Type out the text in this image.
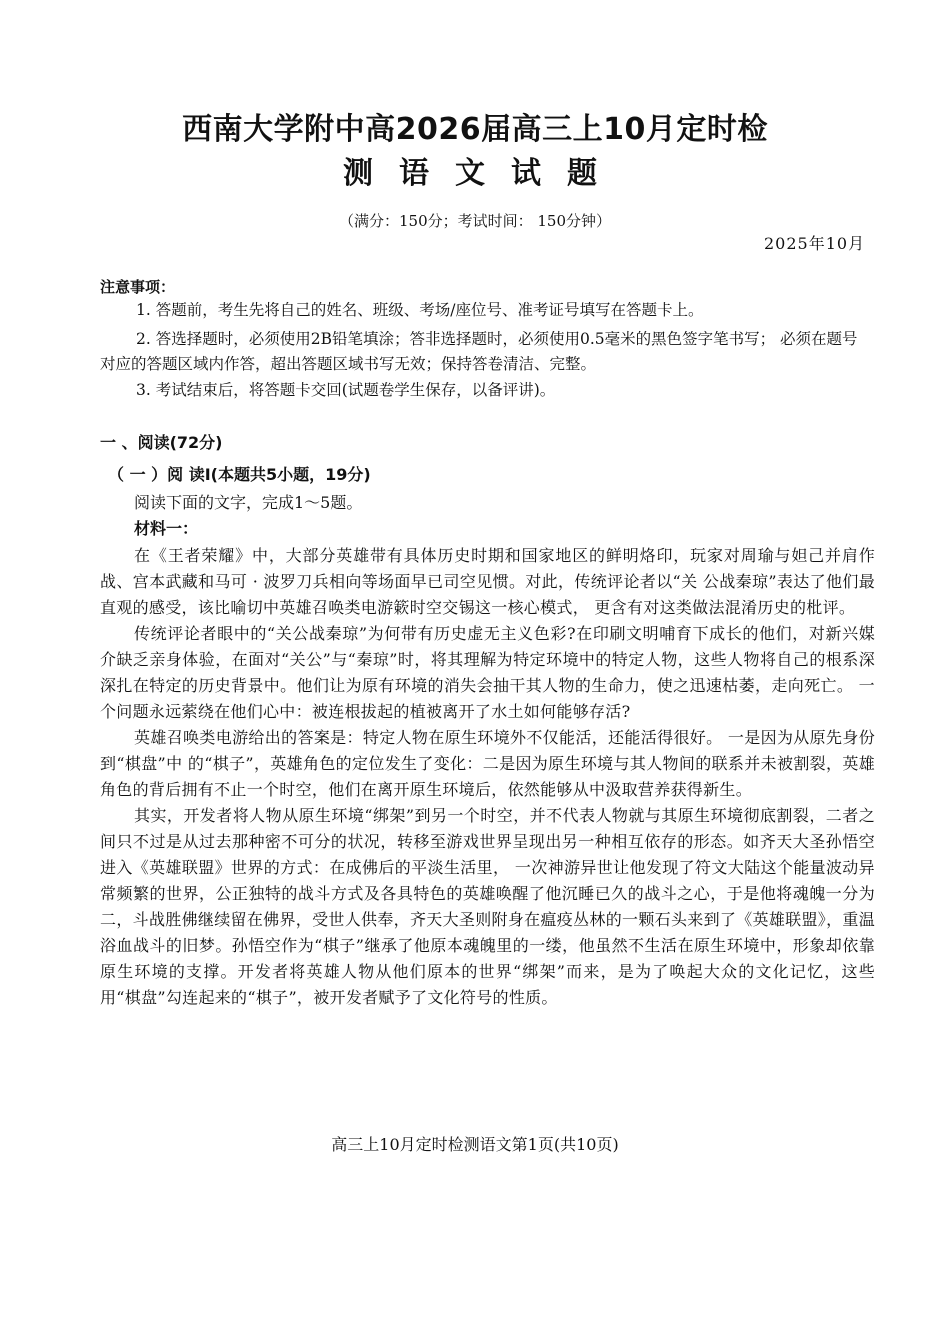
西南大学附中高2026届高三上10月定时检
测语文试题
（满分：150分；考试时间： 150分钟）
2025年10月
注意事项：
1. 答题前，考生先将自己的姓名、班级、考场/座位号、准考证号填写在答题卡上。
2. 答选择题时，必须使用2B铅笔填涂；答非选择题时，必须使用0.5毫米的黑色签字笔书写； 必须在题号对应的答题区域内作答，超出答题区域书写无效；保持答卷清洁、完整。
3. 考试结束后，将答题卡交回(试题卷学生保存，以备评讲)。
一 、阅读(72分)
（ 一 ）阅 读Ⅰ(本题共5小题，19分)
阅读下面的文字，完成1～5题。
材料一：

在《王者荣耀》中，大部分英雄带有具体历史时期和国家地区的鲜明烙印，玩家对周瑜与妲己并肩作战、宫本武藏和马可 · 波罗刀兵相向等场面早已司空见惯。对此，传统评论者以“关 公战秦琼”表达了他们最直观的感受，该比喻切中英雄召唤类电游簌时空交锡这一核心模式， 更含有对这类做法混淆历史的枇评。

传统评论者眼中的“关公战秦琼”为何带有历史虚无主义色彩?在印刷文明哺育下成长的他们，对新兴媒介缺乏亲身体验，在面对“关公”与“秦琼”时，将其理解为特定环境中的特定人物，这些人物将自己的根系深深扎在特定的历史背景中。他们让为原有环境的消失会抽干其人物的生命力，使之迅速枯萎，走向死亡。 一个问题永远萦绕在他们心中：被连根拔起的植被离开了水土如何能够存活?

英雄召唤类电游给出的答案是：特定人物在原生环境外不仅能活，还能活得很好。 一是因为从原先身份到“棋盘”中 的“棋子”，英雄角色的定位发生了变化：二是因为原生环境与其人物间的联系并未被割裂，英雄角色的背后拥有不止一个时空，他们在离开原生环境后，依然能够从中汲取营养获得新生。

其实，开发者将人物从原生环境“绑架”到另一个时空，并不代表人物就与其原生环境彻底割裂，二者之间只不过是从过去那种密不可分的状况，转移至游戏世界呈现出另一种相互依存的形态。如齐天大圣孙悟空进入《英雄联盟》世界的方式：在成佛后的平淡生活里， 一次神游异世让他发现了符文大陆这个能量波动异常频繁的世界，公正独特的战斗方式及各具特色的英雄唤醒了他沉睡已久的战斗之心，于是他将魂魄一分为二，斗战胜佛继续留在佛界，受世人供奉，齐天大圣则附身在瘟疫丛林的一颗石头来到了《英雄联盟》，重温浴血战斗的旧梦。孙悟空作为“棋子”继承了他原本魂魄里的一缕，他虽然不生活在原生环境中，形象却依靠原生环境的支撑。开发者将英雄人物从他们原本的世界“绑架”而来，是为了唤起大众的文化记忆，这些用“棋盘”勾连起来的“棋子”，被开发者赋予了文化符号的性质。

高三上10月定时检测语文第1页(共10页)
